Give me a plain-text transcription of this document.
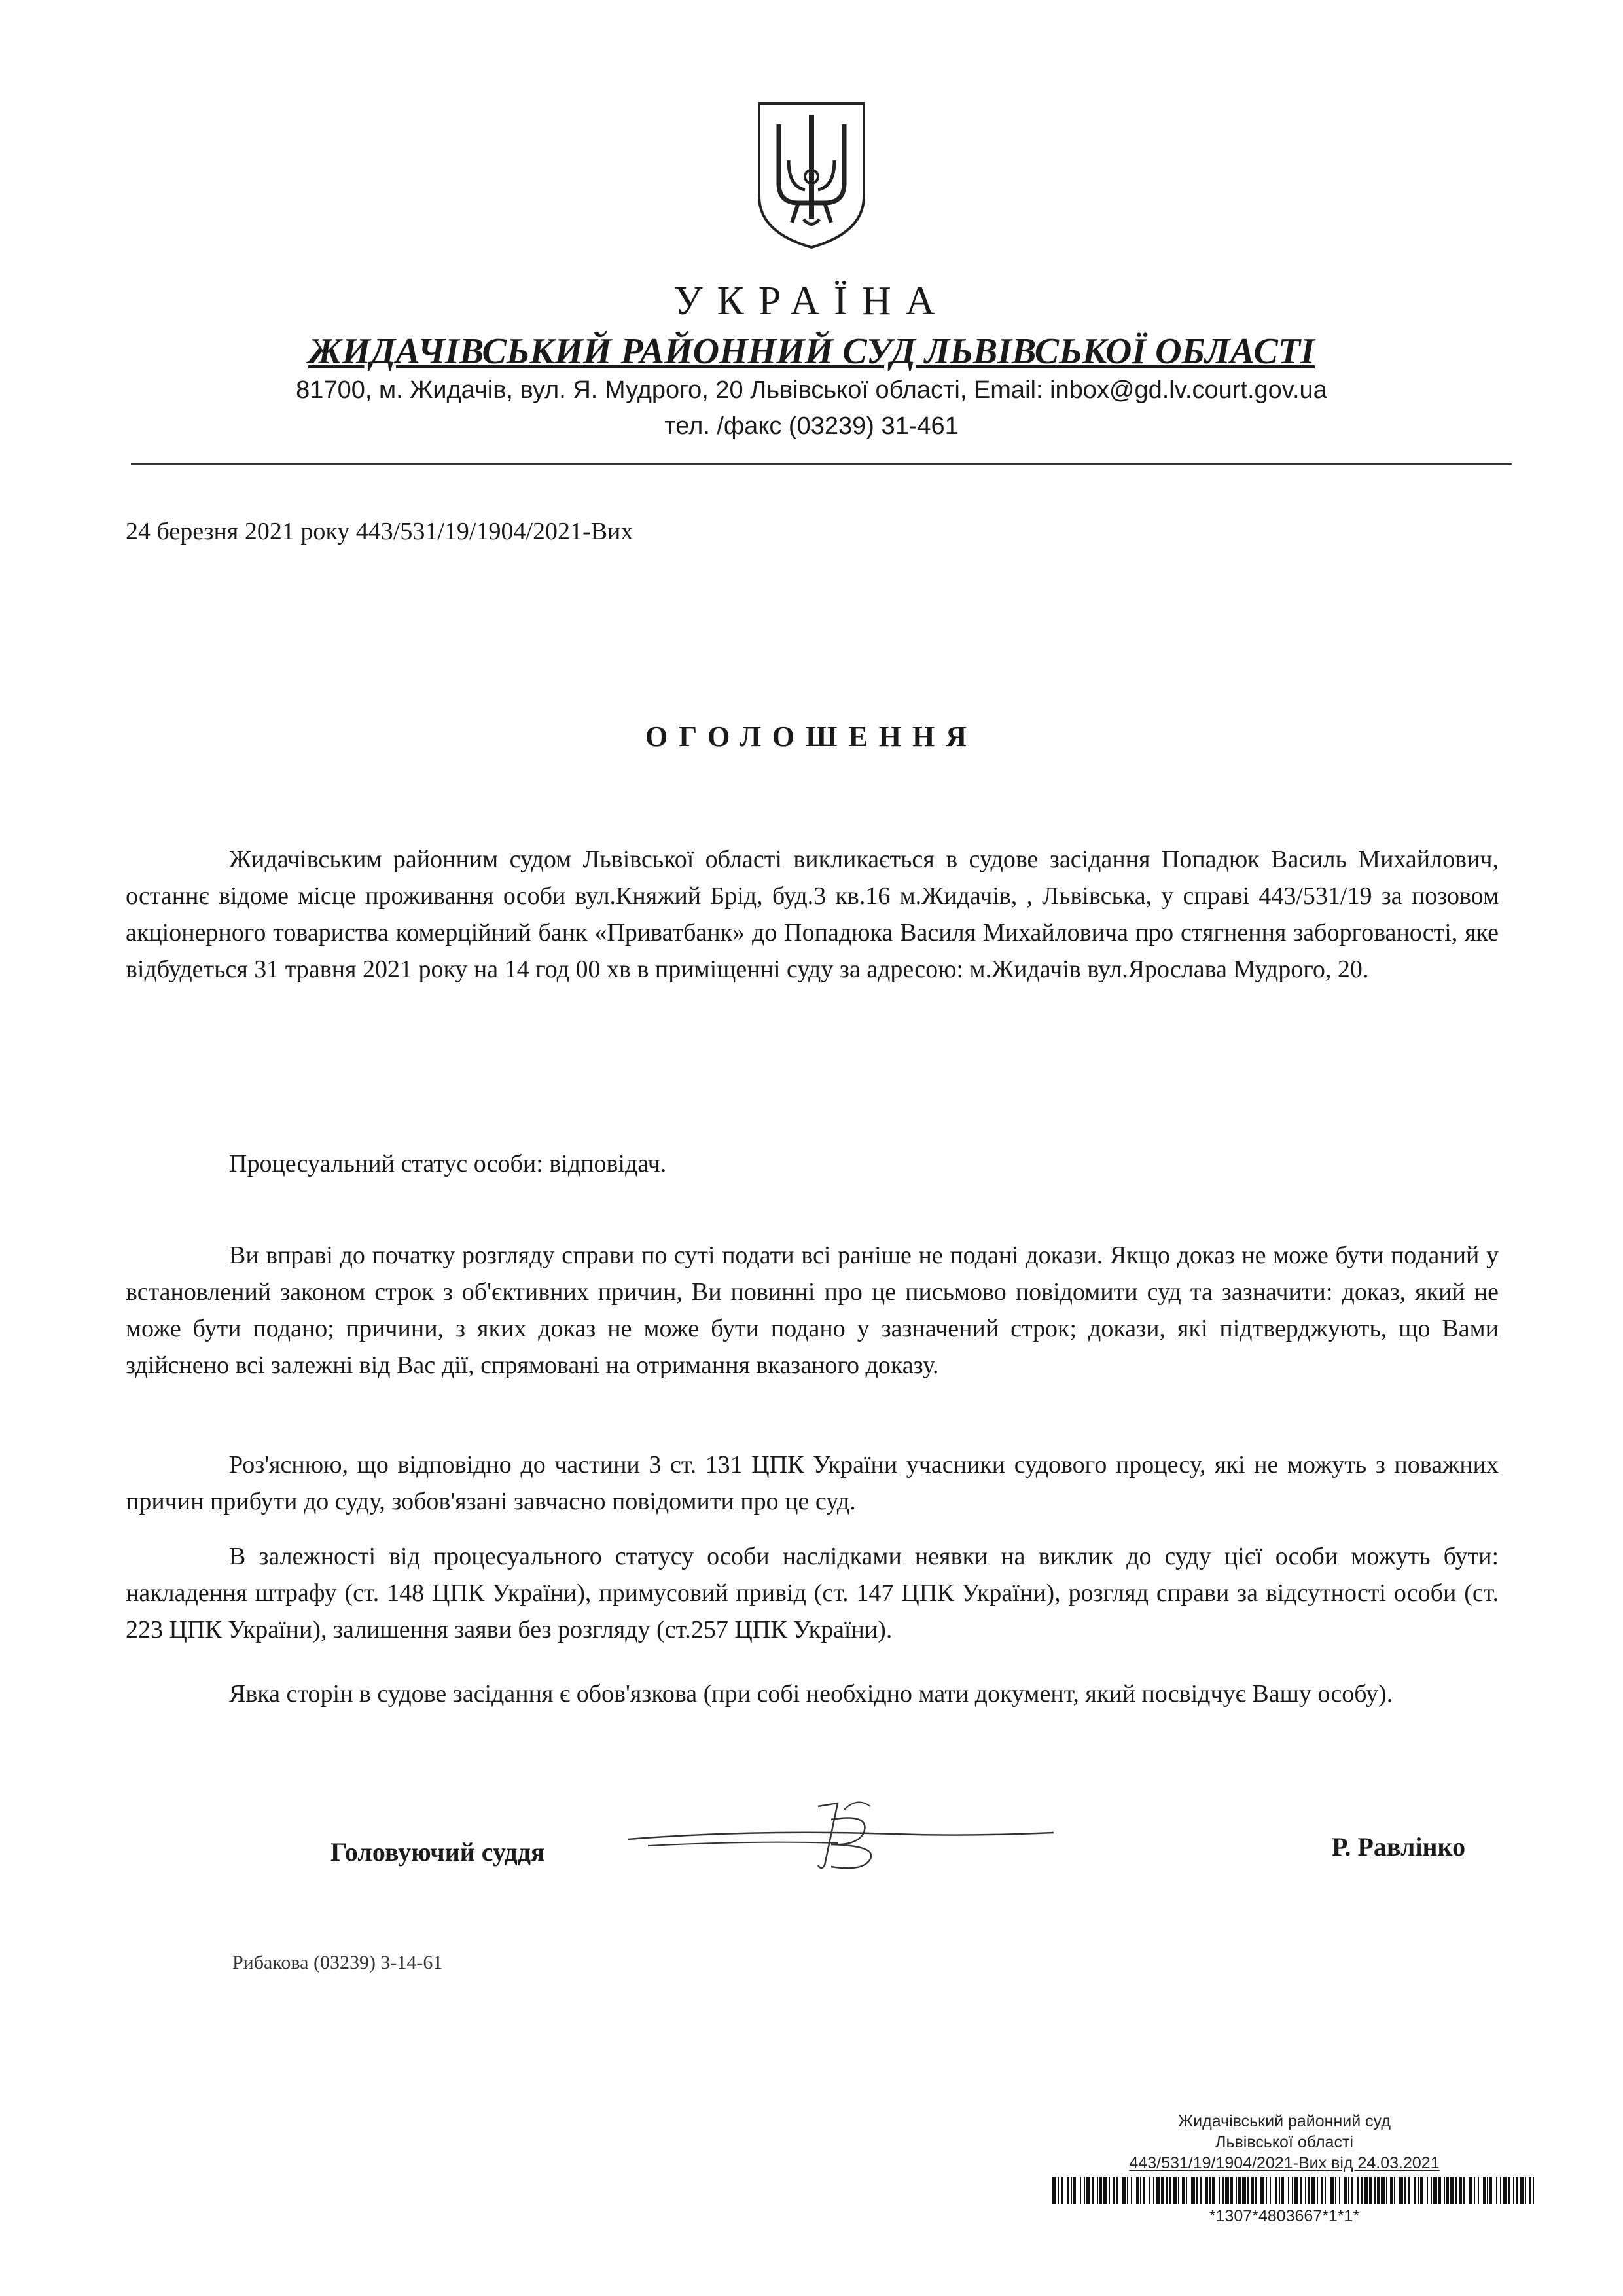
УКРАЇНА
ЖИДАЧІВСЬКИЙ РАЙОННИЙ СУД ЛЬВІВСЬКОЇ ОБЛАСТІ
81700, м. Жидачів, вул. Я. Мудрого, 20 Львівської області, Email: inbox@gd.lv.court.gov.ua
тел. /факс (03239) 31-461
24 березня 2021 року 443/531/19/1904/2021-Вих
ОГОЛОШЕННЯ
Жидачівським районним судом Львівської області викликається в судове засідання Попадюк Василь Михайлович, останнє відоме місце проживання особи вул.Княжий Брід, буд.3 кв.16 м.Жидачів, , Львівська, у справі 443/531/19 за позовом акціонерного товариства комерційний банк «Приватбанк» до Попадюка Василя Михайловича про стягнення заборгованості, яке відбудеться 31 травня 2021 року на 14 год 00 хв в приміщенні суду за адресою: м.Жидачів вул.Ярослава Мудрого, 20.
Процесуальний статус особи: відповідач.
Ви вправі до початку розгляду справи по суті подати всі раніше не подані докази. Якщо доказ не може бути поданий у встановлений законом строк з об'єктивних причин, Ви повинні про це письмово повідомити суд та зазначити: доказ, який не може бути подано; причини, з яких доказ не може бути подано у зазначений строк; докази, які підтверджують, що Вами здійснено всі залежні від Вас дії, спрямовані на отримання вказаного доказу.
Роз'яснюю, що відповідно до частини 3 ст. 131 ЦПК України учасники судового процесу, які не можуть з поважних причин прибути до суду, зобов'язані завчасно повідомити про це суд.
В залежності від процесуального статусу особи наслідками неявки на виклик до суду цієї особи можуть бути: накладення штрафу (ст. 148 ЦПК України), примусовий привід (ст. 147 ЦПК України), розгляд справи за відсутності особи (ст. 223 ЦПК України), залишення заяви без розгляду (ст.257 ЦПК України).
Явка сторін в судове засідання є обов'язкова (при собі необхідно мати документ, який посвідчує Вашу особу).
Головуючий суддя	Р. Равлінко
Рибакова (03239) 3-14-61
Жидачівський районний суд
Львівської області
443/531/19/1904/2021-Вих від 24.03.2021
*1307*4803667*1*1*
